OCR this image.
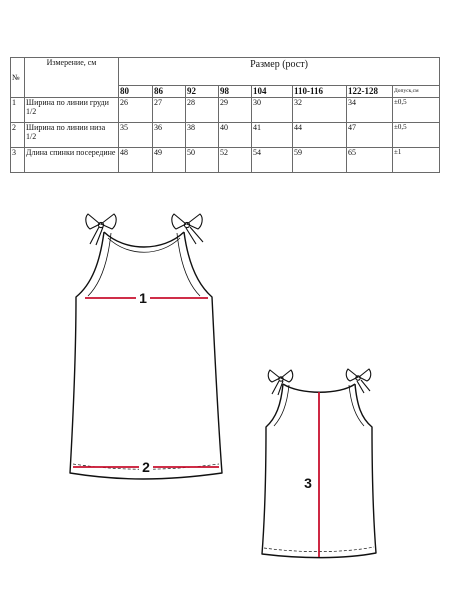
№	Измерение, см	Размер (рост)							
		80	86	92	98	104	110-116	122-128	Допуск,см
1	Ширина по линии груди 1/2	26	27	28	29	30	32	34	±0,5
2	Ширина по линии низа 1/2	35	36	38	40	41	44	47	±0,5
3	Длина спинки посередине	48	49	50	52	54	59	65	±1
1
2
3
